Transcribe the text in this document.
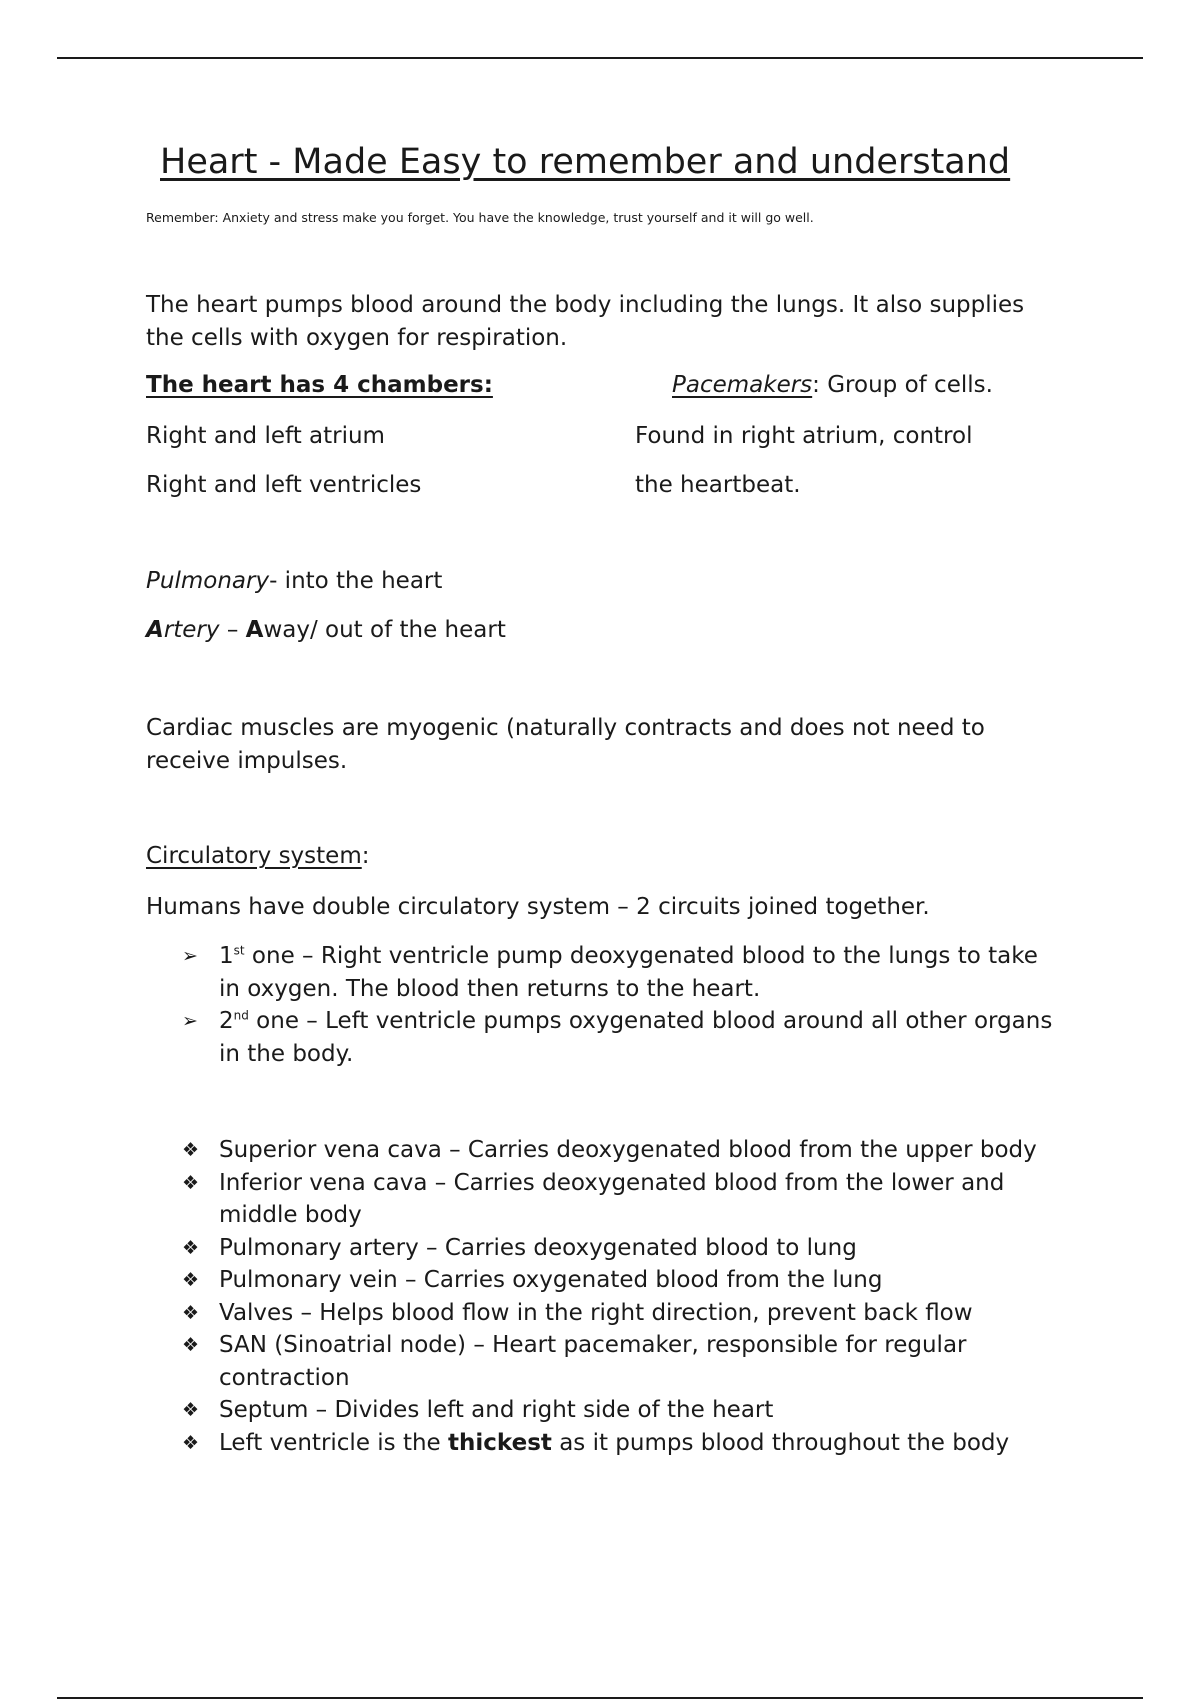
Heart - Made Easy to remember and understand
Remember: Anxiety and stress make you forget. You have the knowledge, trust yourself and it will go well.
The heart pumps blood around the body including the lungs. It also supplies the cells with oxygen for respiration.
The heart has 4 chambers:	Pacemakers: Group of cells.
Right and left atrium
Right and left ventricles
Found in right atrium, control
the heartbeat.
Pulmonary- into the heart
Artery – Away/ out of the heart
Cardiac muscles are myogenic (naturally contracts and does not need to receive impulses.
Circulatory system:
Humans have double circulatory system – 2 circuits joined together.
➢ 1st one – Right ventricle pump deoxygenated blood to the lungs to take in oxygen. The blood then returns to the heart.
➢ 2nd one – Left ventricle pumps oxygenated blood around all other organs in the body.
❖ Superior vena cava – Carries deoxygenated blood from the upper body
❖ Inferior vena cava – Carries deoxygenated blood from the lower and middle body
❖ Pulmonary artery – Carries deoxygenated blood to lung
❖ Pulmonary vein – Carries oxygenated blood from the lung
❖ Valves – Helps blood flow in the right direction, prevent back flow
❖ SAN (Sinoatrial node) – Heart pacemaker, responsible for regular contraction
❖ Septum – Divides left and right side of the heart
❖ Left ventricle is the thickest as it pumps blood throughout the body
